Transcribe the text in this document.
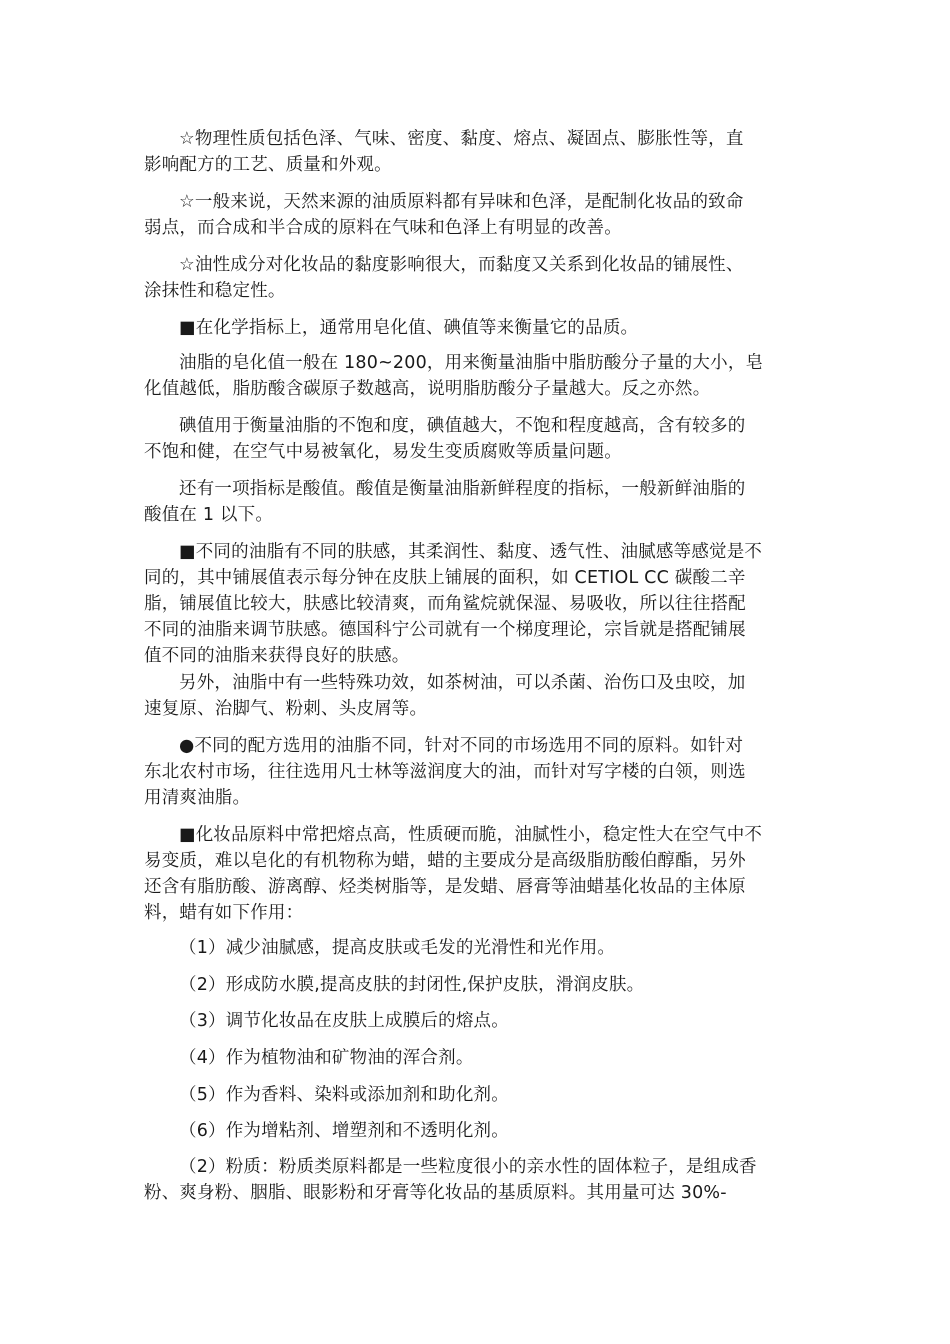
☆物理性质包括色泽、气味、密度、黏度、熔点、凝固点、膨胀性等，直
影响配方的工艺、质量和外观。

☆一般来说，天然来源的油质原料都有异味和色泽，是配制化妆品的致命
弱点，而合成和半合成的原料在气味和色泽上有明显的改善。

☆油性成分对化妆品的黏度影响很大，而黏度又关系到化妆品的铺展性、
涂抹性和稳定性。

■在化学指标上，通常用皂化值、碘值等来衡量它的品质。

油脂的皂化值一般在 180~200，用来衡量油脂中脂肪酸分子量的大小，皂
化值越低，脂肪酸含碳原子数越高，说明脂肪酸分子量越大。反之亦然。

碘值用于衡量油脂的不饱和度，碘值越大，不饱和程度越高，含有较多的
不饱和健，在空气中易被氧化，易发生变质腐败等质量问题。

还有一项指标是酸值。酸值是衡量油脂新鲜程度的指标，一般新鲜油脂的
酸值在 1 以下。

■不同的油脂有不同的肤感，其柔润性、黏度、透气性、油腻感等感觉是不
同的，其中铺展值表示每分钟在皮肤上铺展的面积，如 CETIOL CC 碳酸二辛
脂，铺展值比较大，肤感比较清爽，而角鲨烷就保湿、易吸收，所以往往搭配
不同的油脂来调节肤感。德国科宁公司就有一个梯度理论，宗旨就是搭配铺展
值不同的油脂来获得良好的肤感。

另外，油脂中有一些特殊功效，如茶树油，可以杀菌、治伤口及虫咬，加
速复原、治脚气、粉刺、头皮屑等。

●不同的配方选用的油脂不同，针对不同的市场选用不同的原料。如针对
东北农村市场，往往选用凡士林等滋润度大的油，而针对写字楼的白领，则选
用清爽油脂。

■化妆品原料中常把熔点高，性质硬而脆，油腻性小，稳定性大在空气中不
易变质，难以皂化的有机物称为蜡，蜡的主要成分是高级脂肪酸伯醇酯，另外
还含有脂肪酸、游离醇、烃类树脂等，是发蜡、唇膏等油蜡基化妆品的主体原
料，蜡有如下作用：

（1）减少油腻感，提高皮肤或毛发的光滑性和光作用。

（2）形成防水膜,提高皮肤的封闭性,保护皮肤，滑润皮肤。

（3）调节化妆品在皮肤上成膜后的熔点。

（4）作为植物油和矿物油的浑合剂。

（5）作为香料、染料或添加剂和助化剂。

（6）作为增粘剂、增塑剂和不透明化剂。

（2）粉质：粉质类原料都是一些粒度很小的亲水性的固体粒子，是组成香
粉、爽身粉、胭脂、眼影粉和牙膏等化妆品的基质原料。其用量可达 30%-
